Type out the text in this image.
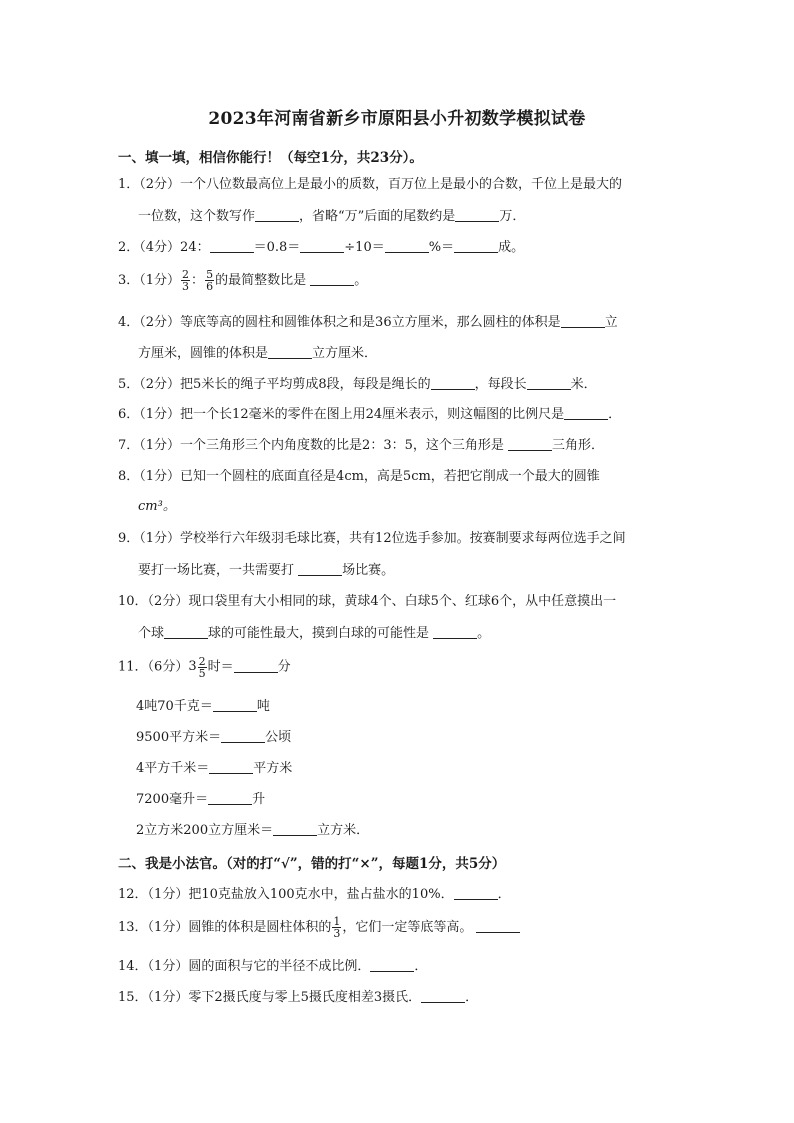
2023年河南省新乡市原阳县小升初数学模拟试卷
一、填一填，相信你能行！（每空1分，共23分）。
1．（2分）一个八位数最高位上是最小的质数，百万位上是最小的合数，千位上是最大的
一位数，这个数写作	，省略“万”后面的尾数约是	万．
2．（4分）24：	＝0.8＝	÷10＝	%＝	成。
3．（1分） $\frac{2}{3}$ ： $\frac{5}{6}$ 的最简整数比是	。
4．（2分）等底等高的圆柱和圆锥体积之和是36立方厘米，那么圆柱的体积是	立
方厘米，圆锥的体积是	立方厘米．
5．（2分）把5米长的绳子平均剪成8段，每段是绳长的	，每段长	米．
6．（1分）把一个长12毫米的零件在图上用24厘米表示，则这幅图的比例尺是	．
7．（1分）一个三角形三个内角度数的比是2：3：5，这个三角形是	三角形．
8．（1分）已知一个圆柱的底面直径是4cm，高是5cm，若把它削成一个最大的圆锥
cm³。
9．（1分）学校举行六年级羽毛球比赛，共有12位选手参加。按赛制要求每两位选手之间
要打一场比赛，一共需要打	场比赛。
10．（2分）现口袋里有大小相同的球，黄球4个、白球5个、红球6个，从中任意摸出一
个球	球的可能性最大，摸到白球的可能性是	。
11．（6分） $3 \frac{2}{5}$ 时＝	分
4吨70千克＝	吨
9500平方米＝	公顷
4平方千米＝	平方米
7200毫升＝	升
2立方米200立方厘米＝	立方米．
二、我是小法官。（对的打“√”，错的打“×”，每题1分，共5分）
12．（1分）把10克盐放入100克水中，盐占盐水的10%．	．
13．（1分）圆锥的体积是圆柱体积的 $\frac{1}{3}$ ，它们一定等底等高。
14．（1分）圆的面积与它的半径不成比例．	．
15．（1分）零下2摄氏度与零上5摄氏度相差3摄氏．	．
